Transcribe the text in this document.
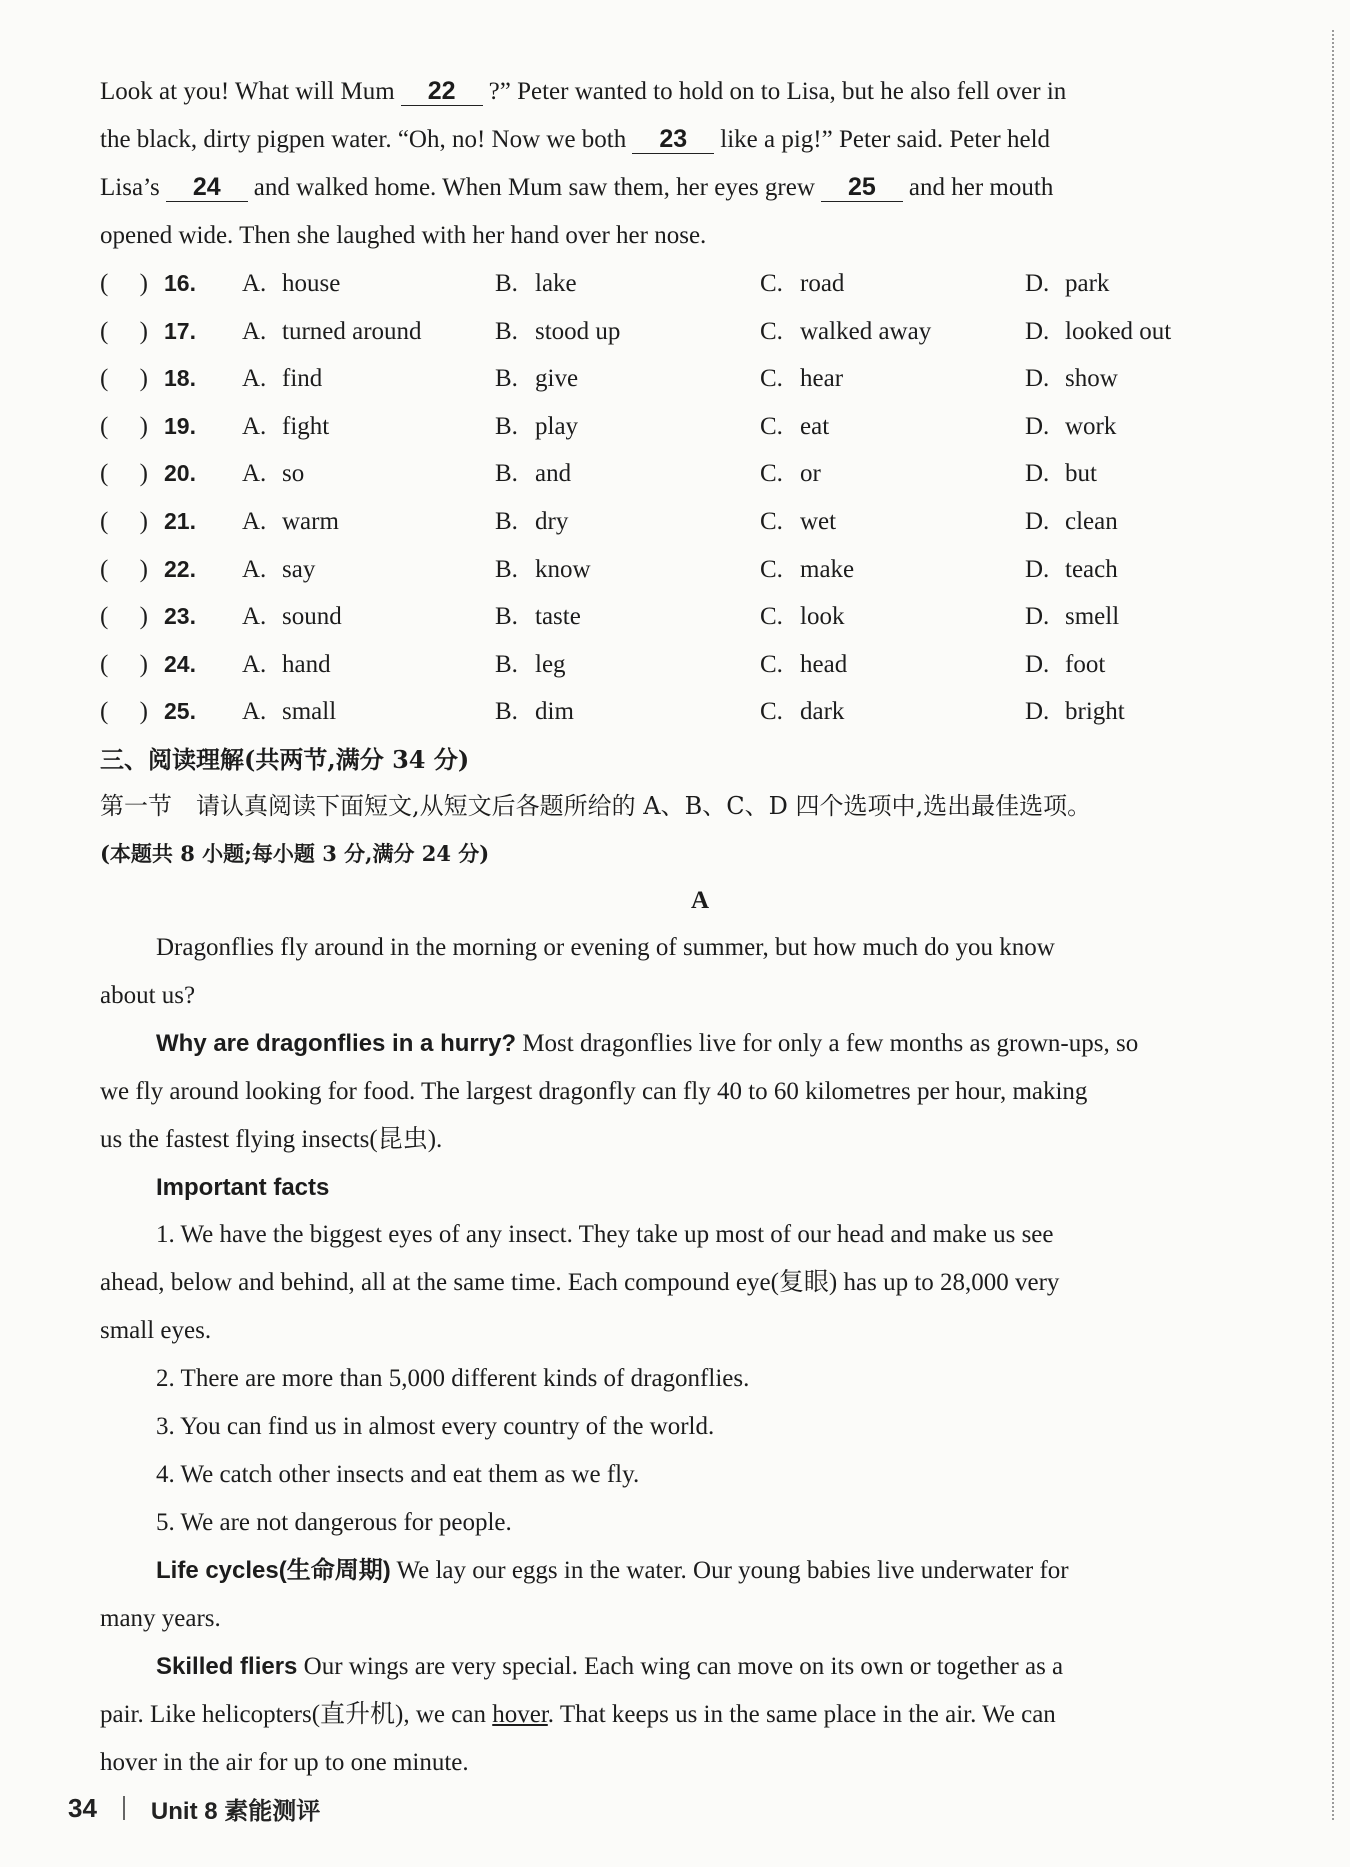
Look at you! What will Mum 22 ?” Peter wanted to hold on to Lisa, but he also fell over in

the black, dirty pigpen water. “Oh, no! Now we both 23 like a pig!” Peter said. Peter held

Lisa’s 24 and walked home. When Mum saw them, her eyes grew 25 and her mouth

opened wide. Then she laughed with her hand over her nose.

(     ) 16. A. house	B. lake	C. road	D. park
(     ) 17. A. turned around	B. stood up	C. walked away	D. looked out
(     ) 18. A. find	B. give	C. hear	D. show
(     ) 19. A. fight	B. play	C. eat	D. work
(     ) 20. A. so	B. and	C. or	D. but
(     ) 21. A. warm	B. dry	C. wet	D. clean
(     ) 22. A. say	B. know	C. make	D. teach
(     ) 23. A. sound	B. taste	C. look	D. smell
(     ) 24. A. hand	B. leg	C. head	D. foot
(     ) 25. A. small	B. dim	C. dark	D. bright

三、阅读理解(共两节,满分 34 分)

第一节　请认真阅读下面短文,从短文后各题所给的 A、B、C、D 四个选项中,选出最佳选项。

(本题共 8 小题;每小题 3 分,满分 24 分)

A

Dragonflies fly around in the morning or evening of summer, but how much do you know

about us?

Why are dragonflies in a hurry? Most dragonflies live for only a few months as grown-ups, so

we fly around looking for food. The largest dragonfly can fly 40 to 60 kilometres per hour, making

us the fastest flying insects(昆虫).

Important facts

1. We have the biggest eyes of any insect. They take up most of our head and make us see

ahead, below and behind, all at the same time. Each compound eye(复眼) has up to 28,000 very

small eyes.

2. There are more than 5,000 different kinds of dragonflies.

3. You can find us in almost every country of the world.

4. We catch other insects and eat them as we fly.

5. We are not dangerous for people.

Life cycles(生命周期) We lay our eggs in the water. Our young babies live underwater for

many years.

Skilled fliers Our wings are very special. Each wing can move on its own or together as a

pair. Like helicopters(直升机), we can hover. That keeps us in the same place in the air. We can

hover in the air for up to one minute.

34 Unit 8 素能测评
